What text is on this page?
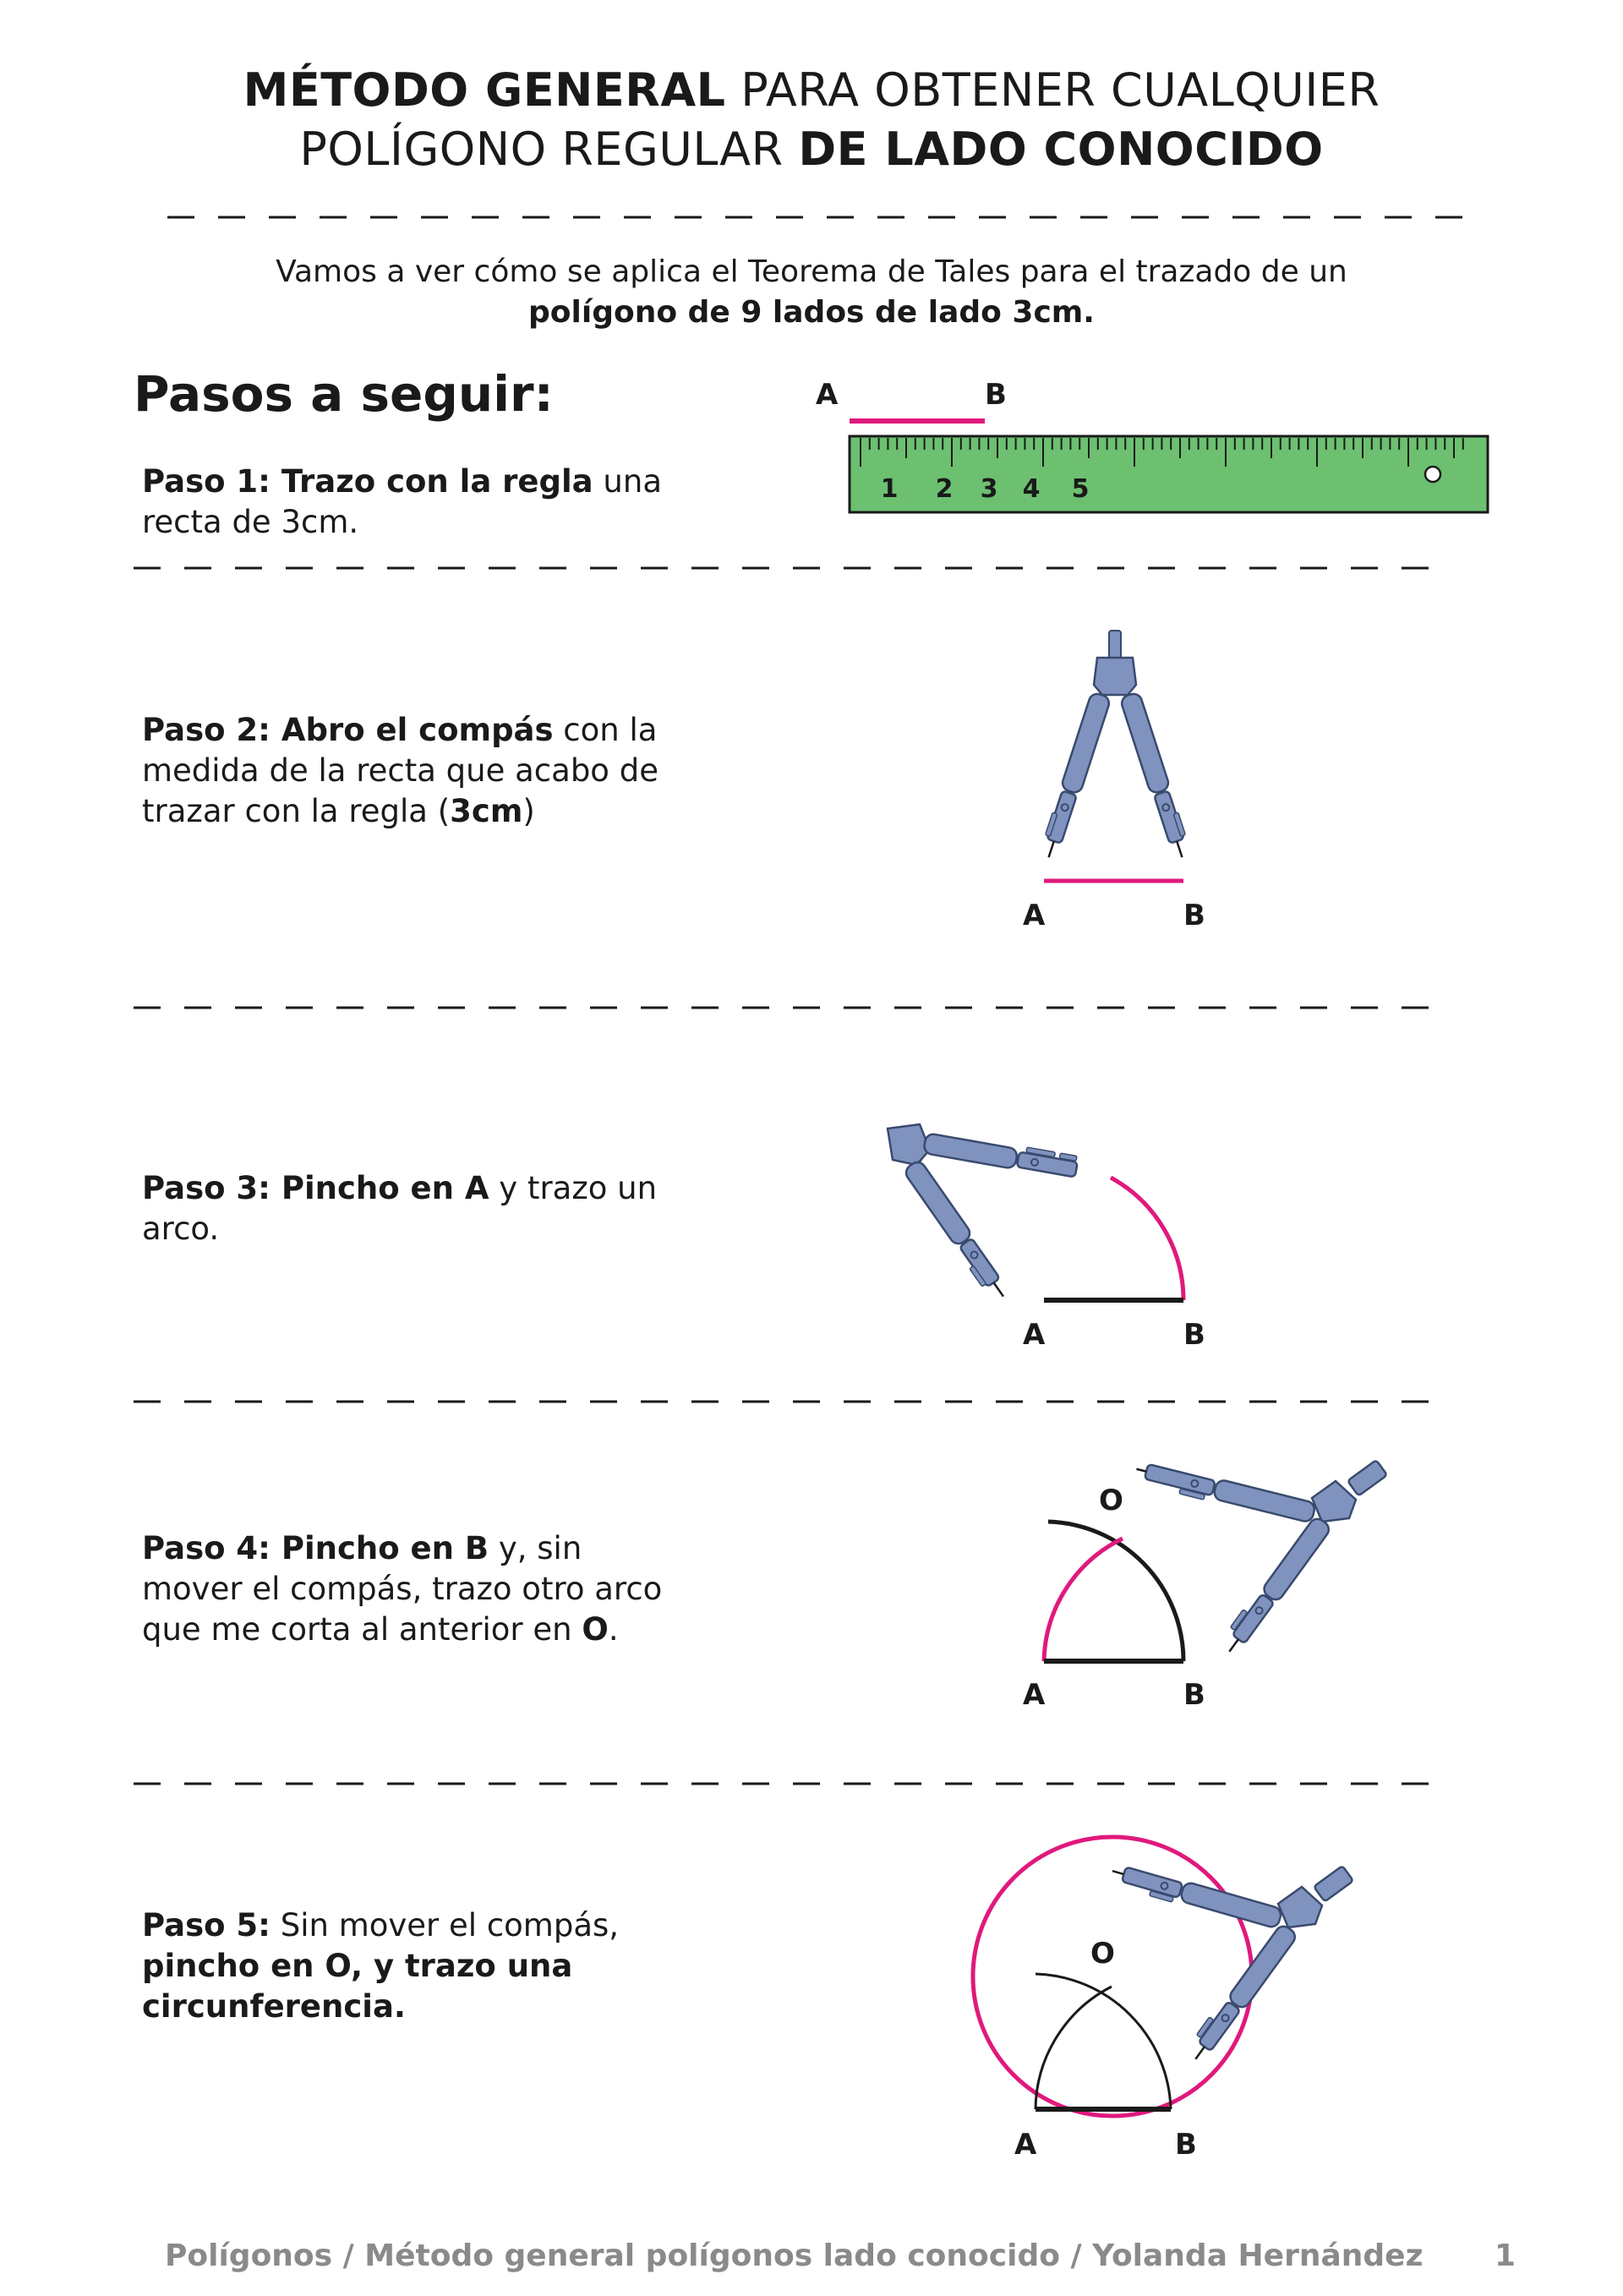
MÉTODO GENERAL PARA OBTENER CUALQUIER
POLÍGONO REGULAR DE LADO CONOCIDO
Vamos a ver cómo se aplica el Teorema de Tales para el trazado de un
polígono de 9 lados de lado 3cm.
Pasos a seguir:
Paso 1: Trazo con la regla una recta de 3cm.
Paso 2: Abro el compás con la medida de la recta que acabo de trazar con la regla (3cm)
Paso 3: Pincho en A y trazo un arco.
Paso 4: Pincho en B y, sin mover el compás, trazo otro arco que me corta al anterior en O.
Paso 5: Sin mover el compás, pincho en O, y trazo una circunferencia.
A	B
1 2 3 4 5
A	B
A	B
O
A	B
O
A	B
Polígonos / Método general polígonos lado conocido / Yolanda Hernández 1
